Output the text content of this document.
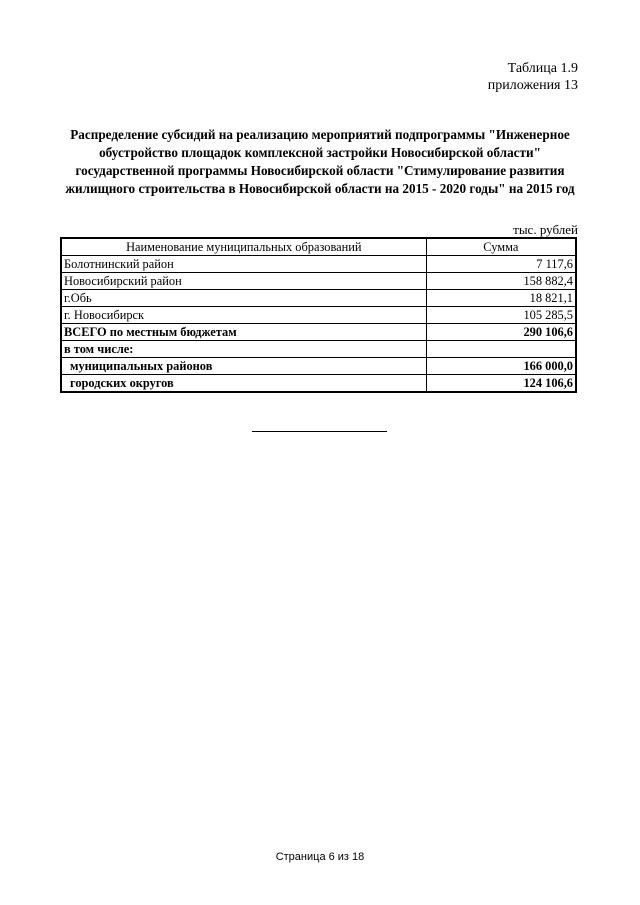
Таблица 1.9
приложения 13
Распределение субсидий на реализацию мероприятий подпрограммы "Инженерное
обустройство площадок комплексной застройки Новосибирской области"
государственной программы Новосибирской области "Стимулирование развития
жилищного строительства в Новосибирской области на 2015 - 2020 годы" на 2015 год
тыс. рублей
Наименование муниципальных образований	Сумма
Болотнинский район	7 117,6
Новосибирский район	158 882,4
г.Обь	18 821,1
г. Новосибирск	105 285,5
ВСЕГО по местным бюджетам	290 106,6
в том числе:	
муниципальных районов	166 000,0
городских округов	124 106,6
Страница 6 из 18
